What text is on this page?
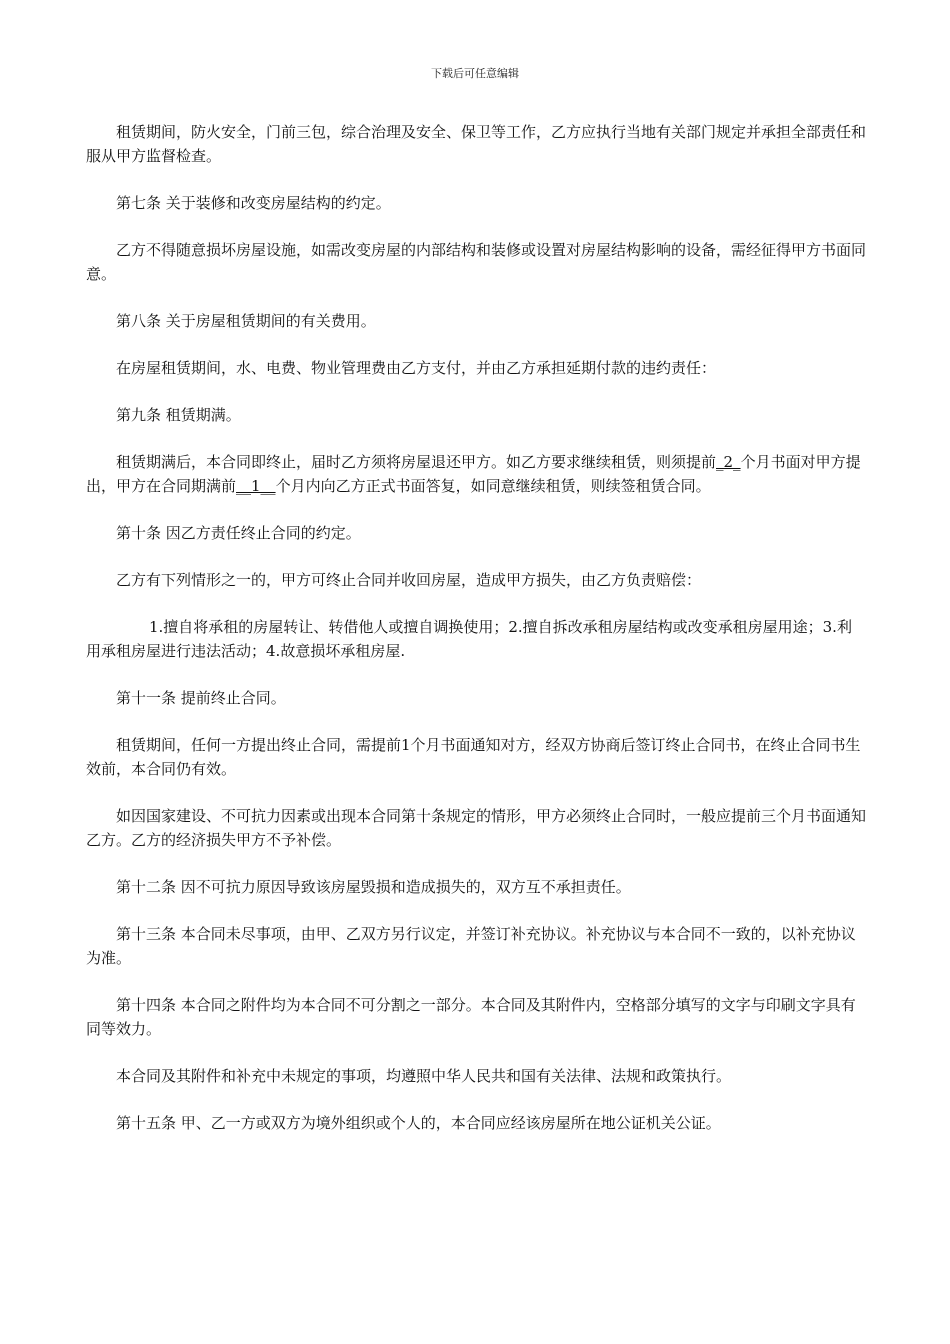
下载后可任意编辑

租赁期间，防火安全，门前三包，综合治理及安全、保卫等工作，乙方应执行当地有关部门规定并承担全部责任和服从甲方监督检查。

第七条 关于装修和改变房屋结构的约定。

乙方不得随意损坏房屋设施，如需改变房屋的内部结构和装修或设置对房屋结构影响的设备，需经征得甲方书面同意。

第八条 关于房屋租赁期间的有关费用。

在房屋租赁期间，水、电费、物业管理费由乙方支付，并由乙方承担延期付款的违约责任：

第九条 租赁期满。

租赁期满后，本合同即终止，届时乙方须将房屋退还甲方。如乙方要求继续租赁，则须提前_2_个月书面对甲方提出，甲方在合同期满前__1__个月内向乙方正式书面答复，如同意继续租赁，则续签租赁合同。

第十条 因乙方责任终止合同的约定。

乙方有下列情形之一的，甲方可终止合同并收回房屋，造成甲方损失，由乙方负责赔偿：

1.擅自将承租的房屋转让、转借他人或擅自调换使用；2.擅自拆改承租房屋结构或改变承租房屋用途；3.利用承租房屋进行违法活动；4.故意损坏承租房屋.

第十一条 提前终止合同。

租赁期间，任何一方提出终止合同，需提前1个月书面通知对方，经双方协商后签订终止合同书，在终止合同书生效前，本合同仍有效。

如因国家建设、不可抗力因素或出现本合同第十条规定的情形，甲方必须终止合同时，一般应提前三个月书面通知乙方。乙方的经济损失甲方不予补偿。

第十二条 因不可抗力原因导致该房屋毁损和造成损失的，双方互不承担责任。

第十三条 本合同未尽事项，由甲、乙双方另行议定，并签订补充协议。补充协议与本合同不一致的，以补充协议为准。

第十四条 本合同之附件均为本合同不可分割之一部分。本合同及其附件内，空格部分填写的文字与印刷文字具有同等效力。

本合同及其附件和补充中未规定的事项，均遵照中华人民共和国有关法律、法规和政策执行。

第十五条 甲、乙一方或双方为境外组织或个人的，本合同应经该房屋所在地公证机关公证。
